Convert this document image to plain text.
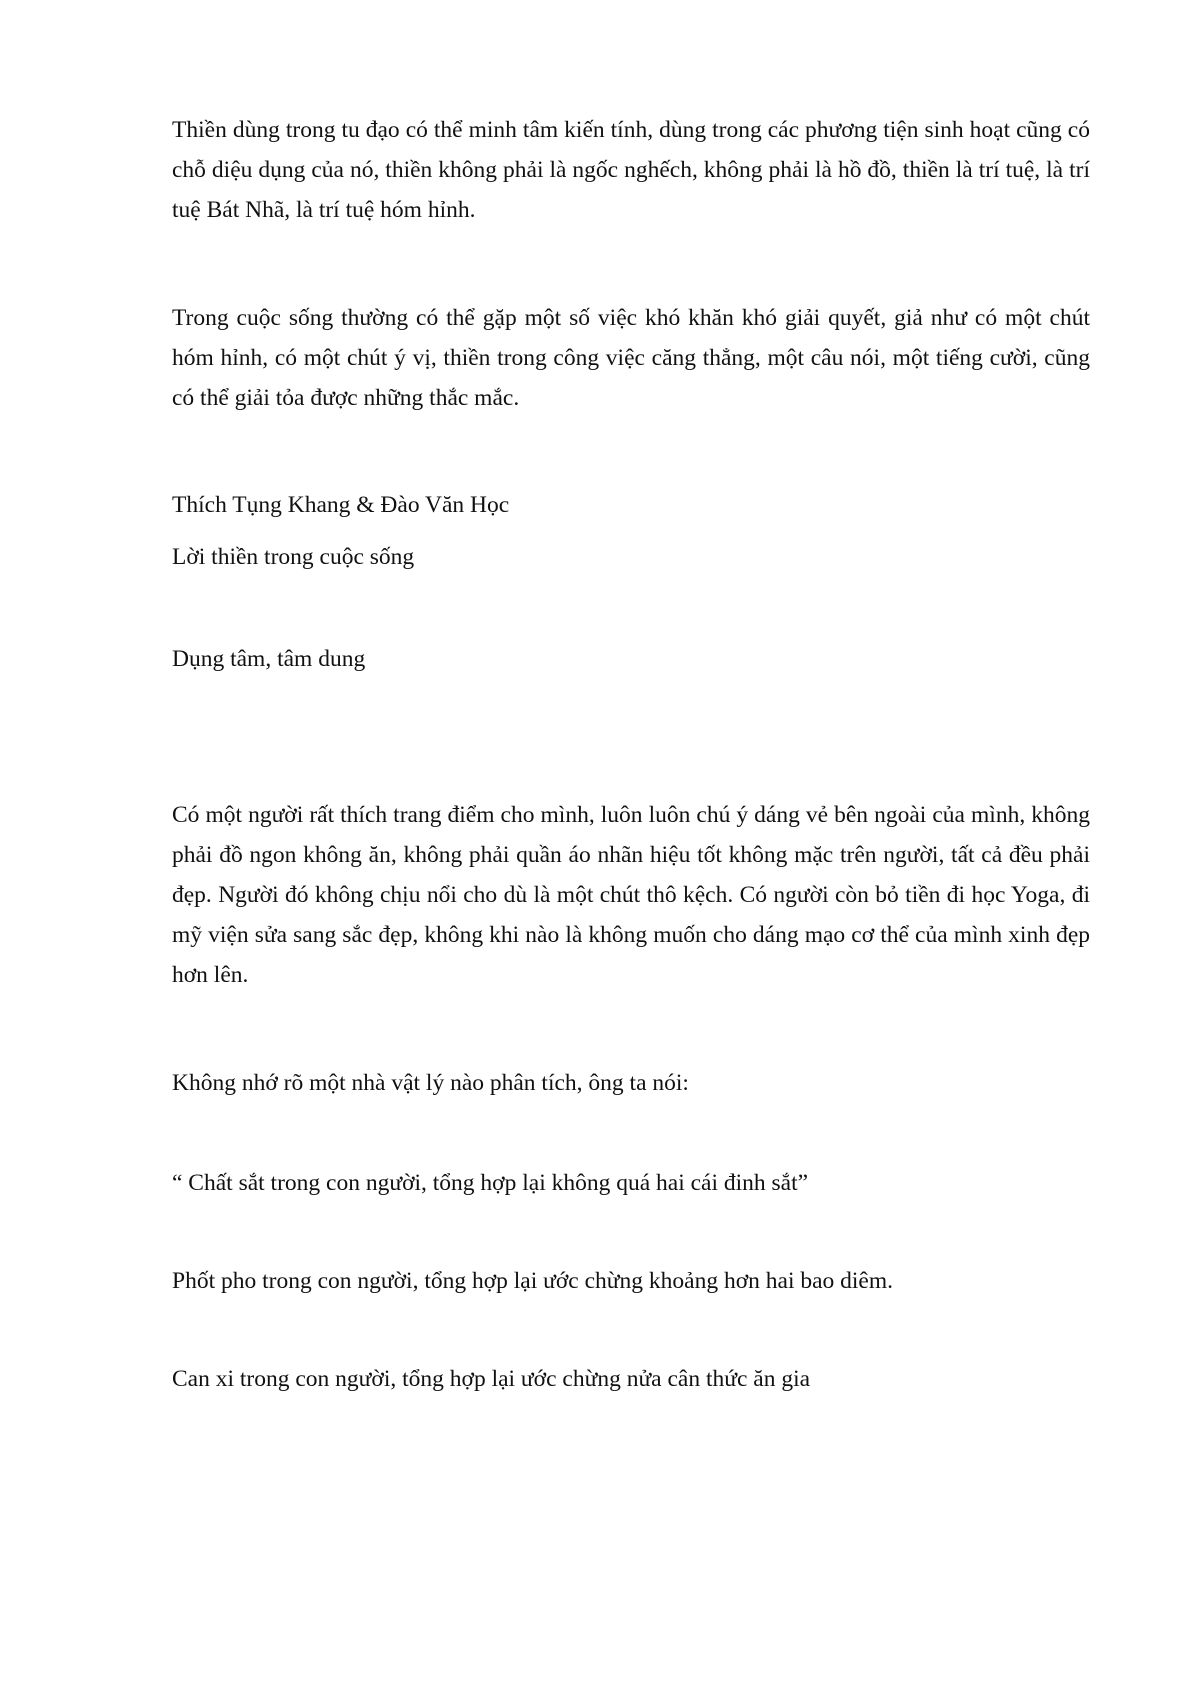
Thiền dùng trong tu đạo có thể minh tâm kiến tính, dùng trong các phương tiện sinh hoạt cũng có chỗ diệu dụng của nó, thiền không phải là ngốc nghếch, không phải là hồ đồ, thiền là trí tuệ, là trí tuệ Bát Nhã, là trí tuệ hóm hỉnh.

Trong cuộc sống thường có thể gặp một số việc khó khăn khó giải quyết, giả như có một chút hóm hỉnh, có một chút ý vị, thiền trong công việc căng thẳng, một câu nói, một tiếng cười, cũng có thể giải tỏa được những thắc mắc.

Thích Tụng Khang & Đào Văn Học

Lời thiền trong cuộc sống

Dụng tâm, tâm dung

Có một người rất thích trang điểm cho mình, luôn luôn chú ý dáng vẻ bên ngoài của mình, không phải đồ ngon không ăn, không phải quần áo nhãn hiệu tốt không mặc trên người, tất cả đều phải đẹp. Người đó không chịu nổi cho dù là một chút thô kệch. Có người còn bỏ tiền đi học Yoga, đi mỹ viện sửa sang sắc đẹp, không khi nào là không muốn cho dáng mạo cơ thể của mình xinh đẹp hơn lên.

Không nhớ rõ một nhà vật lý nào phân tích, ông ta nói:

“ Chất sắt trong con người, tổng hợp lại không quá hai cái đinh sắt”

Phốt pho trong con người, tổng hợp lại ước chừng khoảng hơn hai bao diêm.

Can xi trong con người, tổng hợp lại ước chừng nửa cân thức ăn gia
